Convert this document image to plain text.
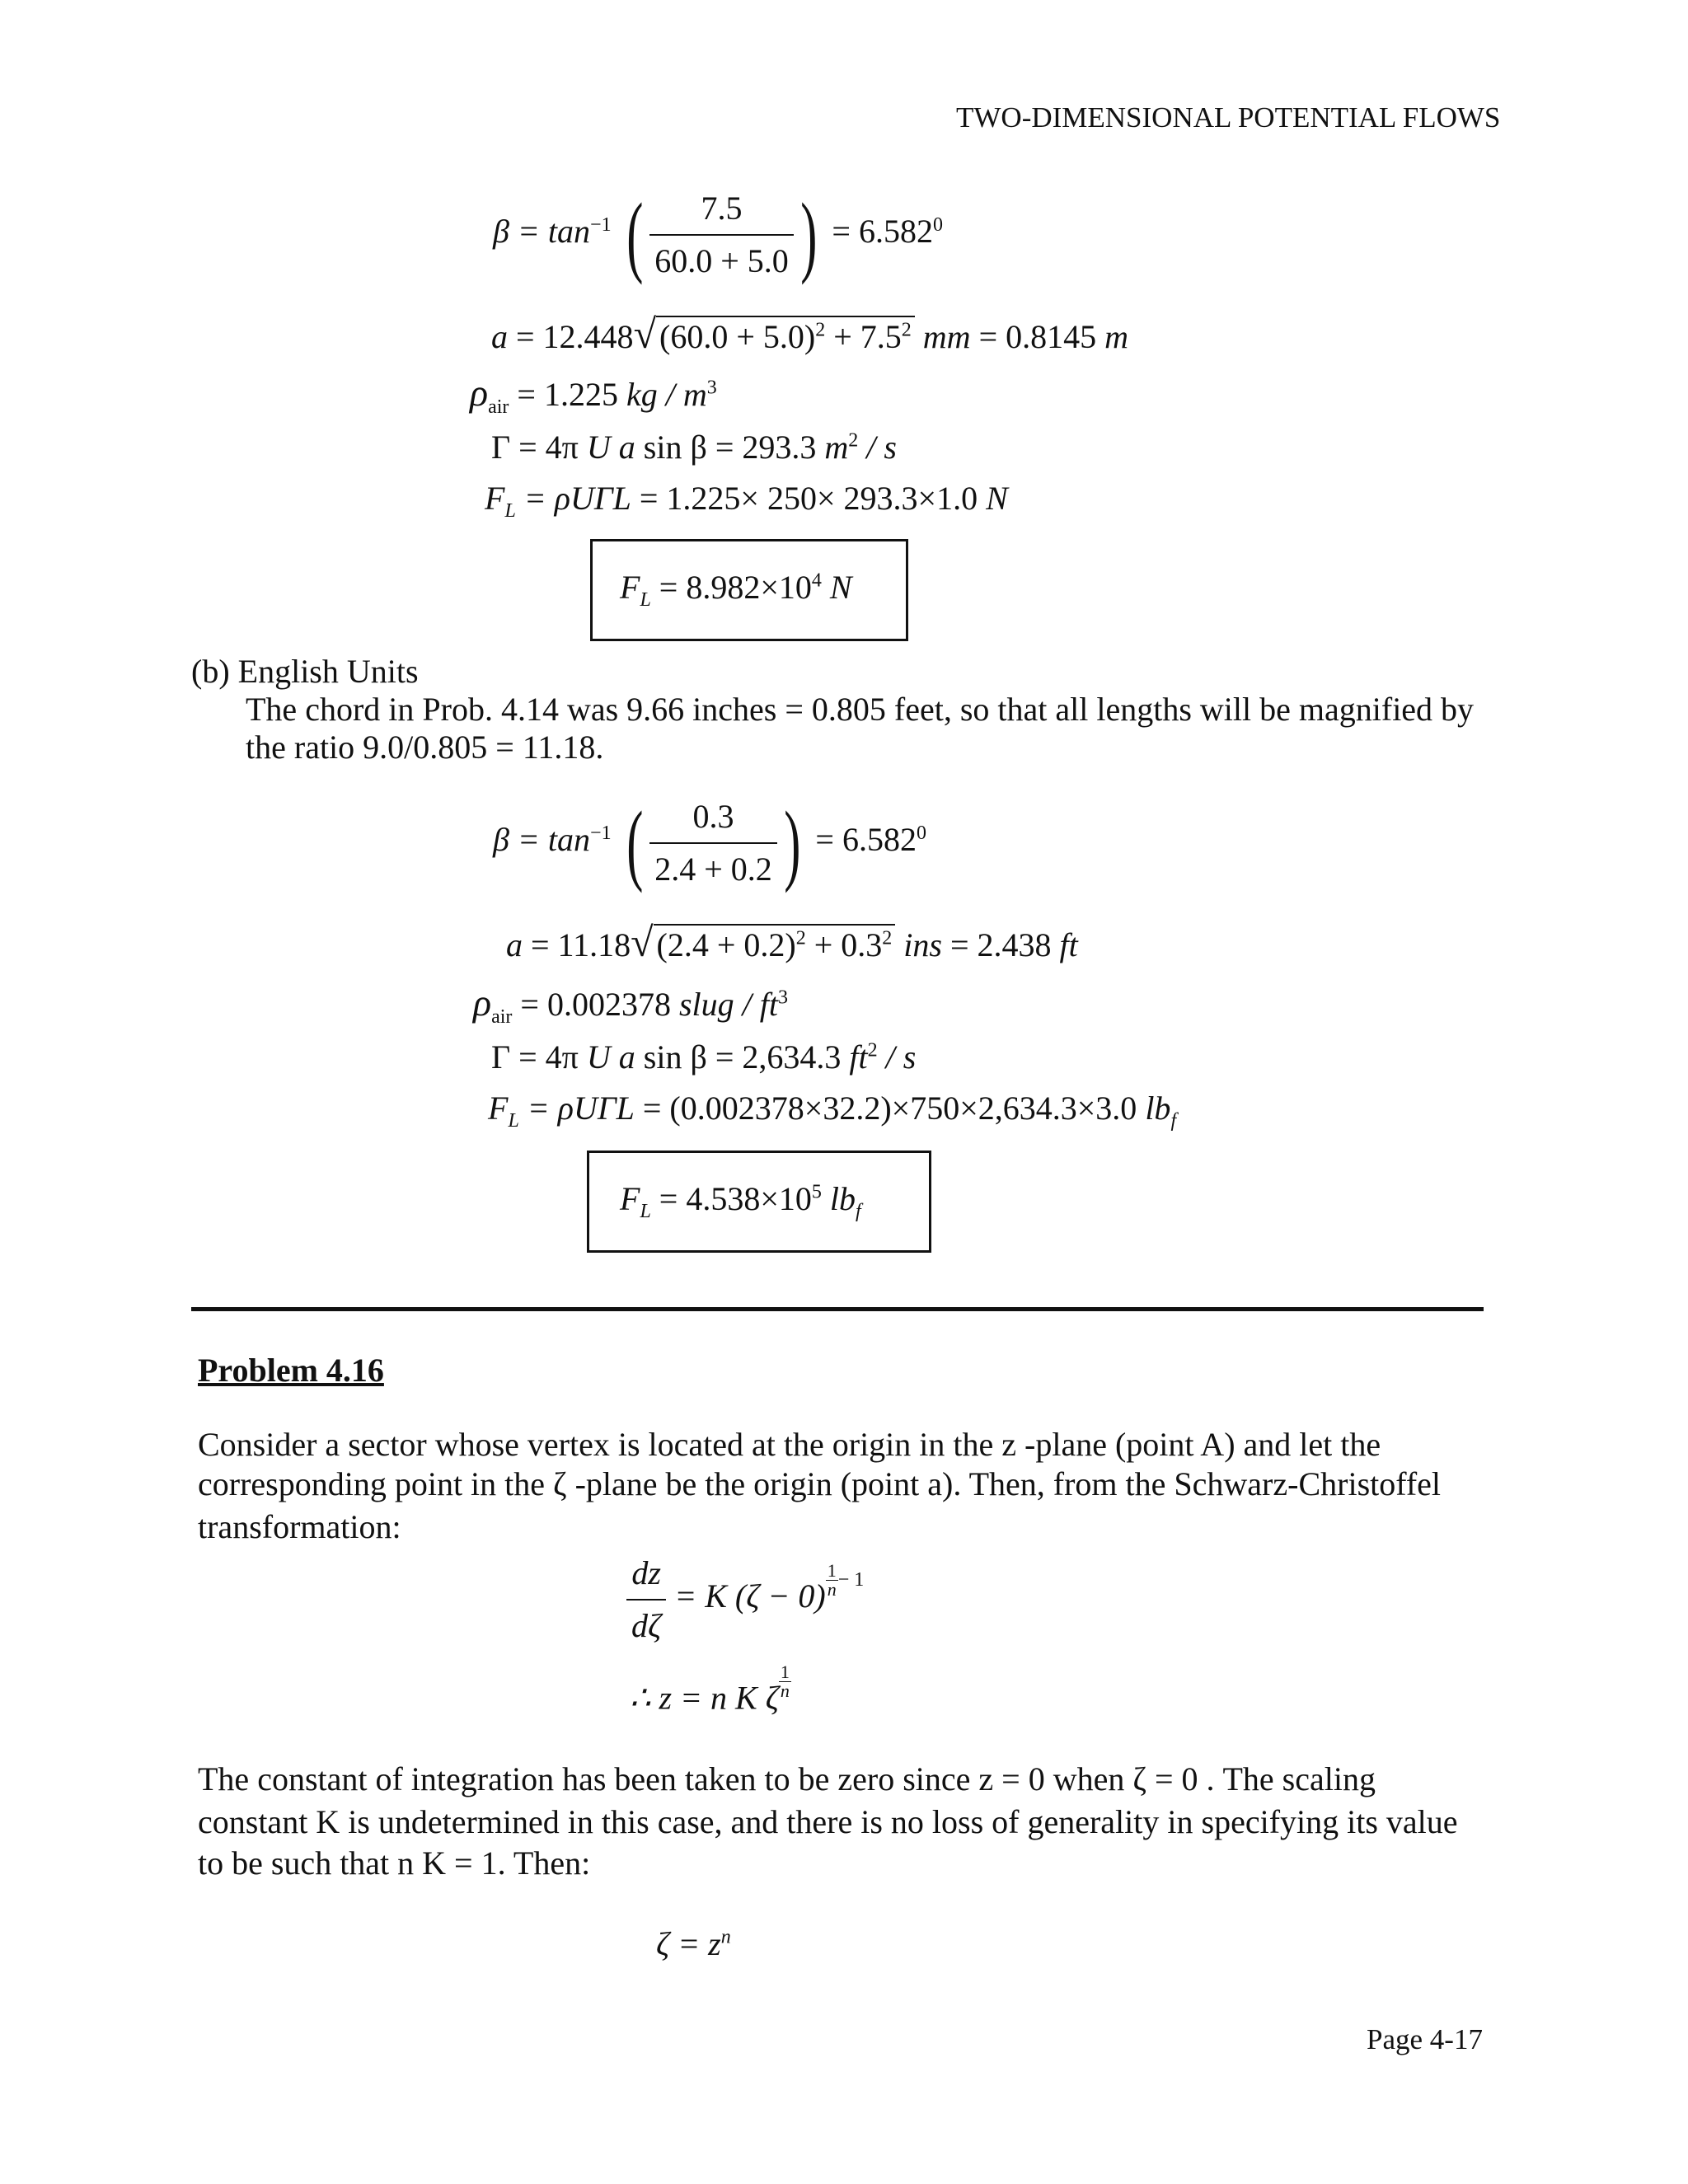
TWO-DIMENSIONAL POTENTIAL FLOWS
$\beta = \tan^{-1}$ ( $\frac{7.5}{60.0 + 5.0}$ ) = $6.582^0$
a = 12.448√ $(60.0 + 5.0)^2 + 7.5^2$ mm = 0.8145 m
$\rho_{air} = 1.225$ kg / $m^3$
Γ = 4π U a sin β = 293.3 $m^2$ / s
$F_L = \rho U\Gamma L = 1.225\times 250\times 293.3\times 1.0$ N
$F_L = 8.982\times 10^4$ N
(b) English Units
The chord in Prob. 4.14 was 9.66 inches = 0.805 feet, so that all lengths will be magnified by
the ratio 9.0/0.805 = 11.18.
$\beta = \tan^{-1}$ ( $\frac{0.3}{2.4 + 0.2}$ ) = $6.582^0$
a = 11.18√ $(2.4 + 0.2)^2 + 0.3^2$ ins = 2.438 ft
$\rho_{air} = 0.002378$ slug / $ft^3$
Γ = 4π U a sin β = 2,634.3 $ft^2$ / s
$F_L = \rho U\Gamma L = (0.002378\times 32.2)\times 750\times 2,634.3\times 3.0$ $lb_f$
$F_L = 4.538\times 10^5$ $lb_f$
Problem 4.16
Consider a sector whose vertex is located at the origin in the z -plane (point A) and let the
corresponding point in the ζ -plane be the origin (point a). Then, from the Schwarz-Christoffel
transformation:
$\frac{dz}{d\zeta} = K$ $(\zeta - 0) \frac{1}{n} ^{- 1}$
∴ z = n K ζ $\frac{1}{n}$
The constant of integration has been taken to be zero since z = 0 when ζ = 0 . The scaling
constant K is undetermined in this case, and there is no loss of generality in specifying its value
to be such that n K = 1. Then:
$\zeta = z^n$
Page 4-17
